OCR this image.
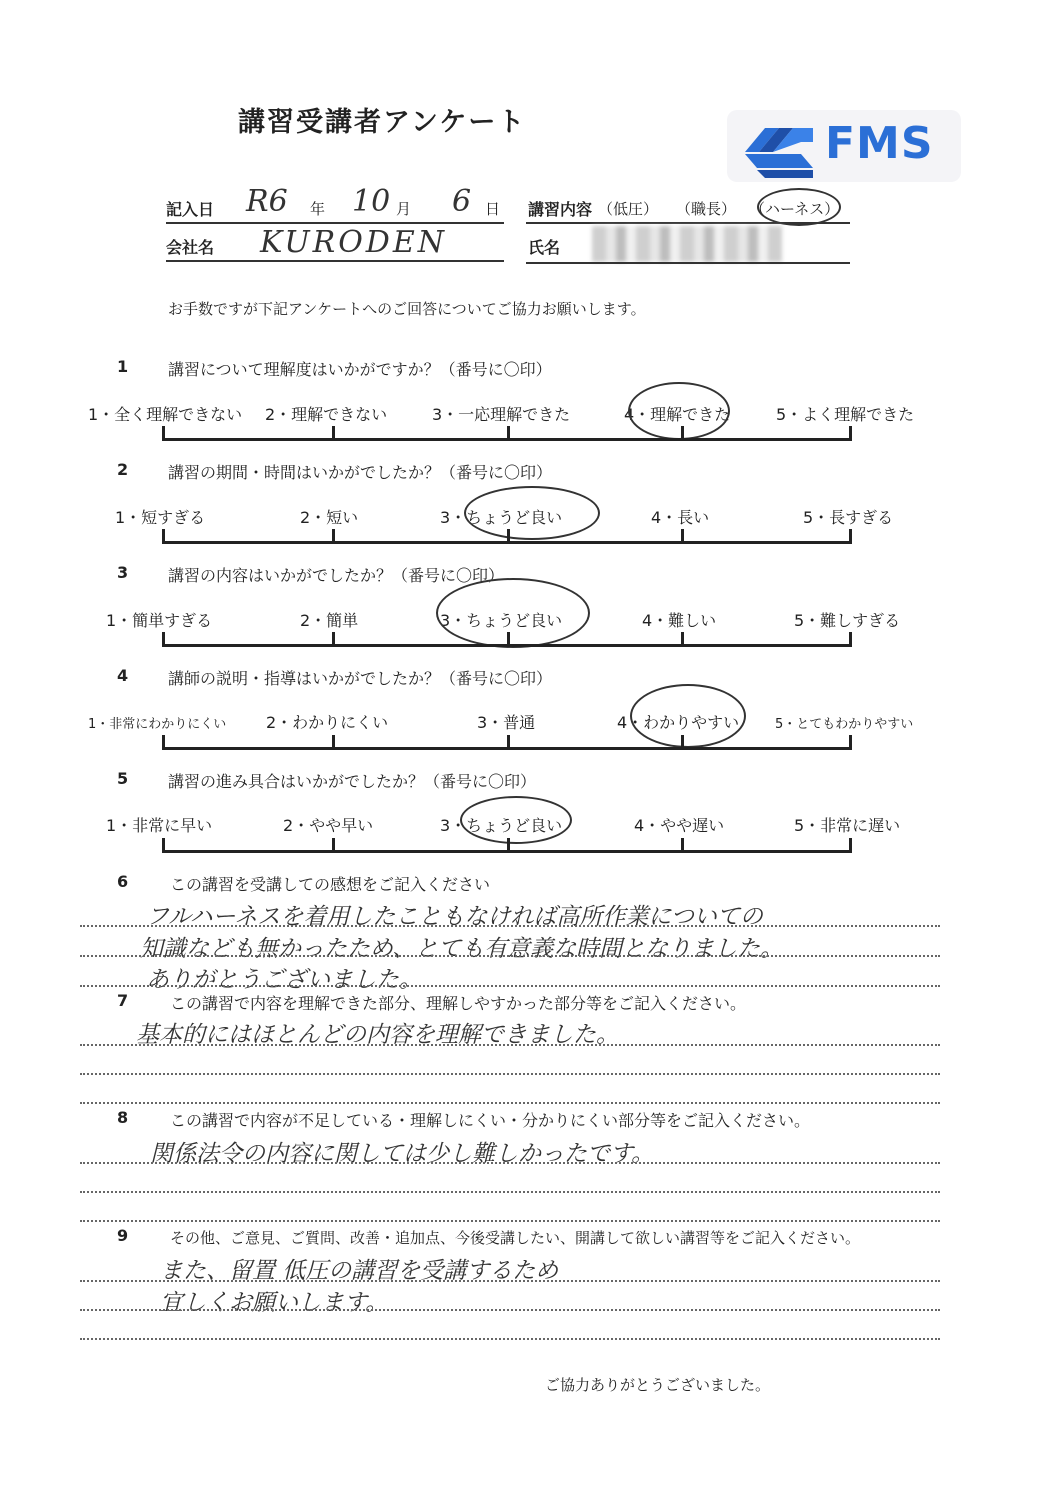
講習受講者アンケート	FMS
記入日 R6 年 10 月 6 日 講習内容 （低圧） （職長） （ハーネス）
会社名 KURODEN	氏名
お手数ですが下記アンケートへのご回答についてご協力お願いします。
1 講習について理解度はいかがですか？（番号に〇印）
1・全く理解できない 2・理解できない	3・一応理解できた	4・理解できた	5・よく理解できた
2 講習の期間・時間はいかがでしたか？（番号に〇印）
1・短すぎる	2・短い	3・ちょうど良い	4・長い	5・長すぎる
3 講習の内容はいかがでしたか？（番号に〇印）
1・簡単すぎる	2・簡単	3・ちょうど良い	4・難しい	5・難しすぎる
4 講師の説明・指導はいかがでしたか？（番号に〇印）
1・非常にわかりにくい 2・わかりにくい	3・普通	4・わかりやすい	5・とてもわかりやすい
5 講習の進み具合はいかがでしたか？（番号に〇印）
1・非常に早い	2・やや早い	3・ちょうど良い	4・やや遅い	5・非常に遅い
6	この講習を受講しての感想をご記入ください
フルハーネスを着用したこともなければ高所作業についての
知識なども無かったため、とても有意義な時間となりました。
ありがとうございました。
7	この講習で内容を理解できた部分、理解しやすかった部分等をご記入ください。
基本的にはほとんどの内容を理解できました。
8	この講習で内容が不足している・理解しにくい・分かりにくい部分等をご記入ください。
関係法令の内容に関しては少し難しかったです。
9	その他、ご意見、ご質問、改善・追加点、今後受講したい、開講して欲しい講習等をご記入ください。
また、留置 低圧の講習を受講するため
宜しくお願いします。
ご協力ありがとうございました。
